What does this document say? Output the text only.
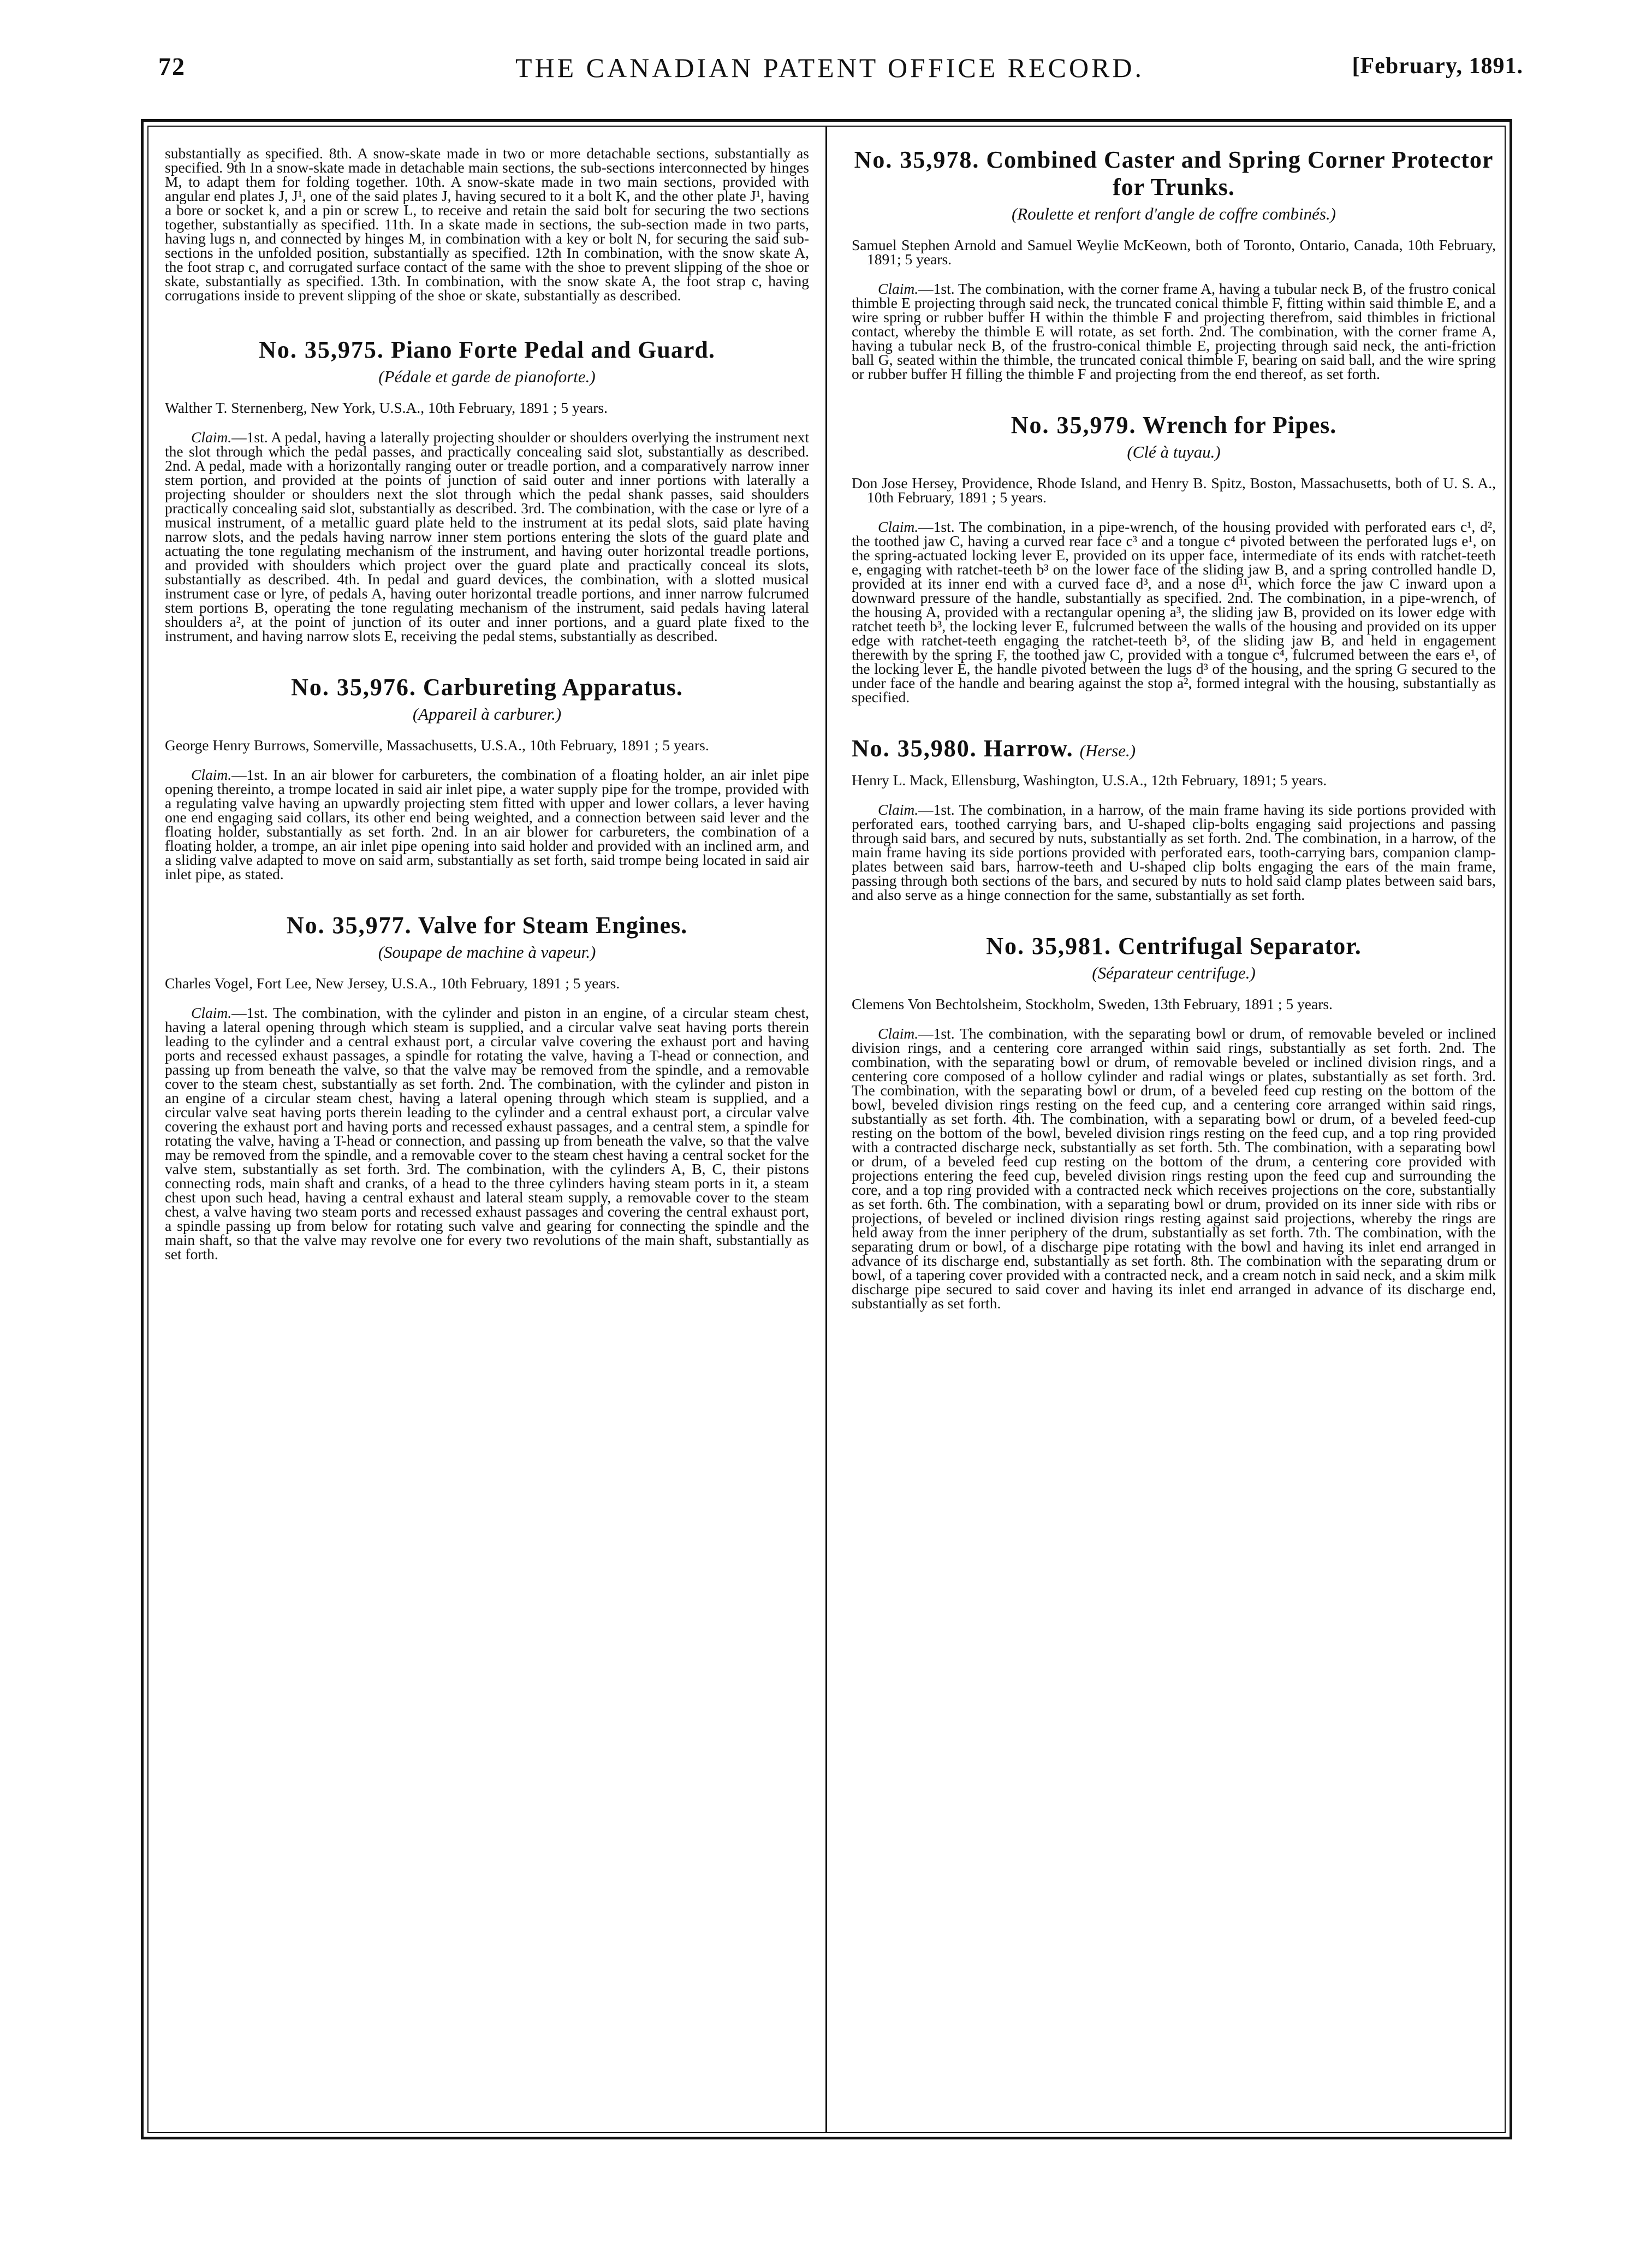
72	THE CANADIAN PATENT OFFICE RECORD.	[February, 1891.

substantially as specified. 8th. A snow-skate made in two or more detachable sections, substantially as specified. 9th In a snow-skate made in detachable main sections, the sub-sections interconnected by hinges M, to adapt them for folding together. 10th. A snow-skate made in two main sections, provided with angular end plates J, J¹, one of the said plates J, having secured to it a bolt K, and the other plate J¹, having a bore or socket k, and a pin or screw L, to receive and retain the said bolt for securing the two sections together, substantially as specified. 11th. In a skate made in sections, the sub-section made in two parts, having lugs n, and connected by hinges M, in combination with a key or bolt N, for securing the said sub-sections in the unfolded position, substantially as specified. 12th In combination, with the snow skate A, the foot strap c, and corrugated surface contact of the same with the shoe to prevent slipping of the shoe or skate, substantially as specified. 13th. In combination, with the snow skate A, the foot strap c, having corrugations inside to prevent slipping of the shoe or skate, substantially as described.

No. 35,975. Piano Forte Pedal and Guard.

(Pédale et garde de pianoforte.)

Walther T. Sternenberg, New York, U.S.A., 10th February, 1891 ; 5 years.

Claim.—1st. A pedal, having a laterally projecting shoulder or shoulders overlying the instrument next the slot through which the pedal passes, and practically concealing said slot, substantially as described. 2nd. A pedal, made with a horizontally ranging outer or treadle portion, and a comparatively narrow inner stem portion, and provided at the points of junction of said outer and inner portions with laterally a projecting shoulder or shoulders next the slot through which the pedal shank passes, said shoulders practically concealing said slot, substantially as described. 3rd. The combination, with the case or lyre of a musical instrument, of a metallic guard plate held to the instrument at its pedal slots, said plate having narrow slots, and the pedals having narrow inner stem portions entering the slots of the guard plate and actuating the tone regulating mechanism of the instrument, and having outer horizontal treadle portions, and provided with shoulders which project over the guard plate and practically conceal its slots, substantially as described. 4th. In pedal and guard devices, the combination, with a slotted musical instrument case or lyre, of pedals A, having outer horizontal treadle portions, and inner narrow fulcrumed stem portions B, operating the tone regulating mechanism of the instrument, said pedals having lateral shoulders a², at the point of junction of its outer and inner portions, and a guard plate fixed to the instrument, and having narrow slots E, receiving the pedal stems, substantially as described.

No. 35,976. Carbureting Apparatus.

(Appareil à carburer.)

George Henry Burrows, Somerville, Massachusetts, U.S.A., 10th February, 1891 ; 5 years.

Claim.—1st. In an air blower for carbureters, the combination of a floating holder, an air inlet pipe opening thereinto, a trompe located in said air inlet pipe, a water supply pipe for the trompe, provided with a regulating valve having an upwardly projecting stem fitted with upper and lower collars, a lever having one end engaging said collars, its other end being weighted, and a connection between said lever and the floating holder, substantially as set forth. 2nd. In an air blower for carbureters, the combination of a floating holder, a trompe, an air inlet pipe opening into said holder and provided with an inclined arm, and a sliding valve adapted to move on said arm, substantially as set forth, said trompe being located in said air inlet pipe, as stated.

No. 35,977. Valve for Steam Engines.

(Soupape de machine à vapeur.)

Charles Vogel, Fort Lee, New Jersey, U.S.A., 10th February, 1891 ; 5 years.

Claim.—1st. The combination, with the cylinder and piston in an engine, of a circular steam chest, having a lateral opening through which steam is supplied, and a circular valve seat having ports therein leading to the cylinder and a central exhaust port, a circular valve covering the exhaust port and having ports and recessed exhaust passages, a spindle for rotating the valve, having a T-head or connection, and passing up from beneath the valve, so that the valve may be removed from the spindle, and a removable cover to the steam chest, substantially as set forth. 2nd. The combination, with the cylinder and piston in an engine of a circular steam chest, having a lateral opening through which steam is supplied, and a circular valve seat having ports therein leading to the cylinder and a central exhaust port, a circular valve covering the exhaust port and having ports and recessed exhaust passages, and a central stem, a spindle for rotating the valve, having a T-head or connection, and passing up from beneath the valve, so that the valve may be removed from the spindle, and a removable cover to the steam chest having a central socket for the valve stem, substantially as set forth. 3rd. The combination, with the cylinders A, B, C, their pistons connecting rods, main shaft and cranks, of a head to the three cylinders having steam ports in it, a steam chest upon such head, having a central exhaust and lateral steam supply, a removable cover to the steam chest, a valve having two steam ports and recessed exhaust passages and covering the central exhaust port, a spindle passing up from below for rotating such valve and gearing for connecting the spindle and the main shaft, so that the valve may revolve one for every two revolutions of the main shaft, substantially as set forth.

No. 35,978. Combined Caster and Spring Corner Protector for Trunks.

(Roulette et renfort d'angle de coffre combinés.)

Samuel Stephen Arnold and Samuel Weylie McKeown, both of Toronto, Ontario, Canada, 10th February, 1891; 5 years.

Claim.—1st. The combination, with the corner frame A, having a tubular neck B, of the frustro conical thimble E projecting through said neck, the truncated conical thimble F, fitting within said thimble E, and a wire spring or rubber buffer H within the thimble F and projecting therefrom, said thimbles in frictional contact, whereby the thimble E will rotate, as set forth. 2nd. The combination, with the corner frame A, having a tubular neck B, of the frustro-conical thimble E, projecting through said neck, the anti-friction ball G, seated within the thimble, the truncated conical thimble F, bearing on said ball, and the wire spring or rubber buffer H filling the thimble F and projecting from the end thereof, as set forth.

No. 35,979. Wrench for Pipes.

(Clé à tuyau.)

Don Jose Hersey, Providence, Rhode Island, and Henry B. Spitz, Boston, Massachusetts, both of U. S. A., 10th February, 1891 ; 5 years.

Claim.—1st. The combination, in a pipe-wrench, of the housing provided with perforated ears c¹, d², the toothed jaw C, having a curved rear face c³ and a tongue c⁴ pivoted between the perforated lugs e¹, on the spring-actuated locking lever E, provided on its upper face, intermediate of its ends with ratchet-teeth e, engaging with ratchet-teeth b³ on the lower face of the sliding jaw B, and a spring controlled handle D, provided at its inner end with a curved face d³, and a nose d¹¹, which force the jaw C inward upon a downward pressure of the handle, substantially as specified. 2nd. The combination, in a pipe-wrench, of the housing A, provided with a rectangular opening a³, the sliding jaw B, provided on its lower edge with ratchet teeth b³, the locking lever E, fulcrumed between the walls of the housing and provided on its upper edge with ratchet-teeth engaging the ratchet-teeth b³, of the sliding jaw B, and held in engagement therewith by the spring F, the toothed jaw C, provided with a tongue c⁴, fulcrumed between the ears e¹, of the locking lever E, the handle pivoted between the lugs d³ of the housing, and the spring G secured to the under face of the handle and bearing against the stop a², formed integral with the housing, substantially as specified.

No. 35,980. Harrow. (Herse.)

Henry L. Mack, Ellensburg, Washington, U.S.A., 12th February, 1891; 5 years.

Claim.—1st. The combination, in a harrow, of the main frame having its side portions provided with perforated ears, toothed carrying bars, and U-shaped clip-bolts engaging said projections and passing through said bars, and secured by nuts, substantially as set forth. 2nd. The combination, in a harrow, of the main frame having its side portions provided with perforated ears, tooth-carrying bars, companion clamp-plates between said bars, harrow-teeth and U-shaped clip bolts engaging the ears of the main frame, passing through both sections of the bars, and secured by nuts to hold said clamp plates between said bars, and also serve as a hinge connection for the same, substantially as set forth.

No. 35,981. Centrifugal Separator.

(Séparateur centrifuge.)

Clemens Von Bechtolsheim, Stockholm, Sweden, 13th February, 1891 ; 5 years.

Claim.—1st. The combination, with the separating bowl or drum, of removable beveled or inclined division rings, and a centering core arranged within said rings, substantially as set forth. 2nd. The combination, with the separating bowl or drum, of removable beveled or inclined division rings, and a centering core composed of a hollow cylinder and radial wings or plates, substantially as set forth. 3rd. The combination, with the separating bowl or drum, of a beveled feed cup resting on the bottom of the bowl, beveled division rings resting on the feed cup, and a centering core arranged within said rings, substantially as set forth. 4th. The combination, with a separating bowl or drum, of a beveled feed-cup resting on the bottom of the bowl, beveled division rings resting on the feed cup, and a top ring provided with a contracted discharge neck, substantially as set forth. 5th. The combination, with a separating bowl or drum, of a beveled feed cup resting on the bottom of the drum, a centering core provided with projections entering the feed cup, beveled division rings resting upon the feed cup and surrounding the core, and a top ring provided with a contracted neck which receives projections on the core, substantially as set forth. 6th. The combination, with a separating bowl or drum, provided on its inner side with ribs or projections, of beveled or inclined division rings resting against said projections, whereby the rings are held away from the inner periphery of the drum, substantially as set forth. 7th. The combination, with the separating drum or bowl, of a discharge pipe rotating with the bowl and having its inlet end arranged in advance of its discharge end, substantially as set forth. 8th. The combination with the separating drum or bowl, of a tapering cover provided with a contracted neck, and a cream notch in said neck, and a skim milk discharge pipe secured to said cover and having its inlet end arranged in advance of its discharge end, substantially as set forth.
